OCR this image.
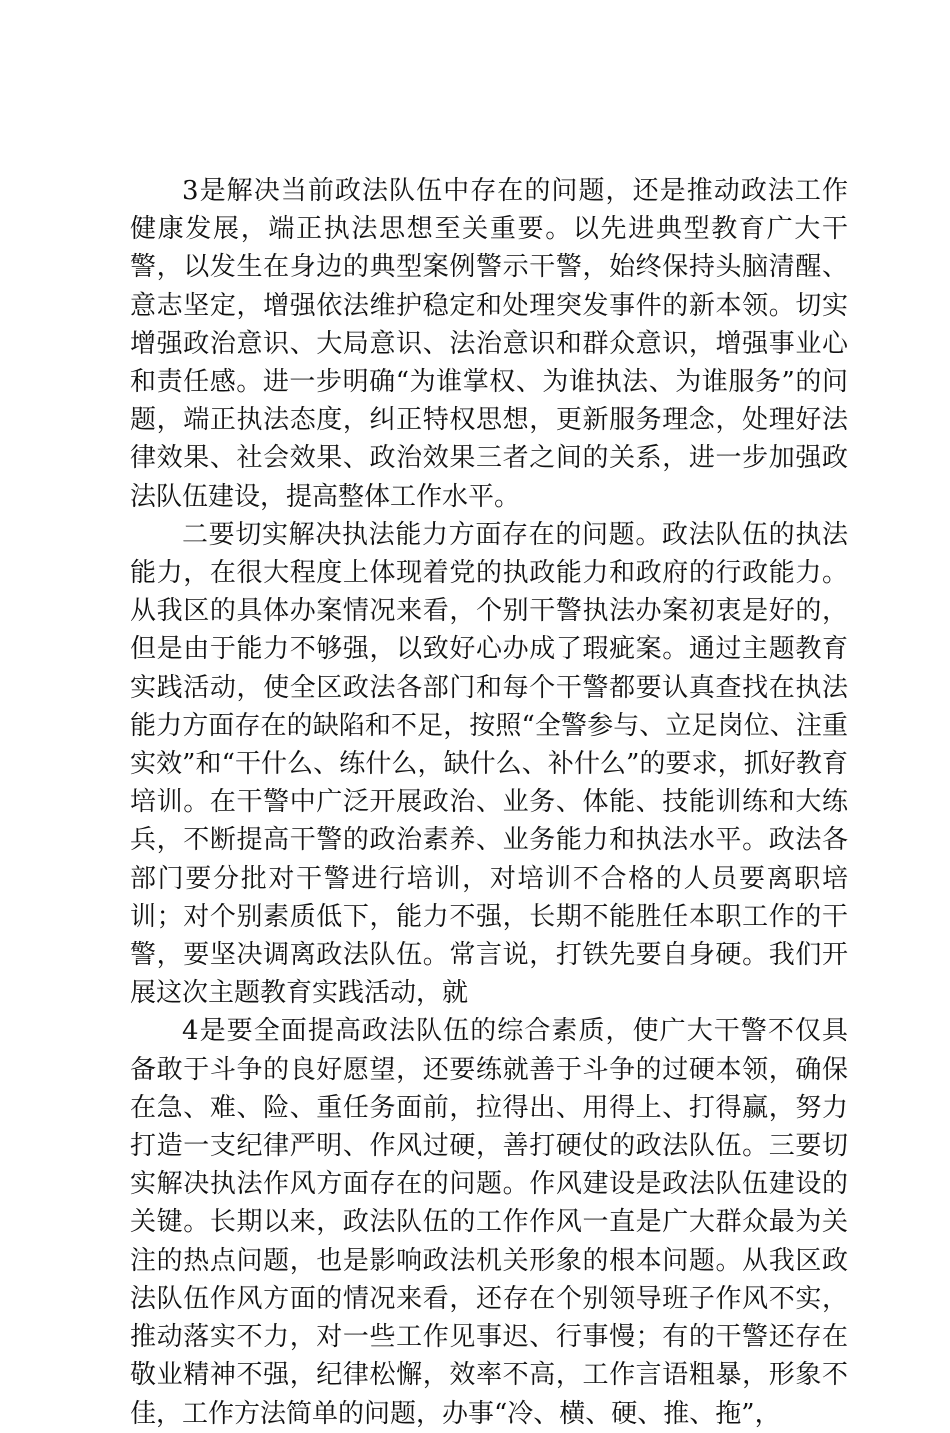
3是解决当前政法队伍中存在的问题，还是推动政法工作健康发展，端正执法思想至关重要。以先进典型教育广大干警，以发生在身边的典型案例警示干警，始终保持头脑清醒、意志坚定，增强依法维护稳定和处理突发事件的新本领。切实增强政治意识、大局意识、法治意识和群众意识，增强事业心和责任感。进一步明确“为谁掌权、为谁执法、为谁服务”的问题，端正执法态度，纠正特权思想，更新服务理念，处理好法律效果、社会效果、政治效果三者之间的关系，进一步加强政法队伍建设，提高整体工作水平。

二要切实解决执法能力方面存在的问题。政法队伍的执法能力，在很大程度上体现着党的执政能力和政府的行政能力。从我区的具体办案情况来看，个别干警执法办案初衷是好的，但是由于能力不够强，以致好心办成了瑕疵案。通过主题教育实践活动，使全区政法各部门和每个干警都要认真查找在执法能力方面存在的缺陷和不足，按照“全警参与、立足岗位、注重实效”和“干什么、练什么，缺什么、补什么”的要求，抓好教育培训。在干警中广泛开展政治、业务、体能、技能训练和大练兵，不断提高干警的政治素养、业务能力和执法水平。政法各部门要分批对干警进行培训，对培训不合格的人员要离职培训；对个别素质低下，能力不强，长期不能胜任本职工作的干警，要坚决调离政法队伍。常言说，打铁先要自身硬。我们开展这次主题教育实践活动，就

4是要全面提高政法队伍的综合素质，使广大干警不仅具备敢于斗争的良好愿望，还要练就善于斗争的过硬本领，确保在急、难、险、重任务面前，拉得出、用得上、打得赢，努力打造一支纪律严明、作风过硬，善打硬仗的政法队伍。三要切实解决执法作风方面存在的问题。作风建设是政法队伍建设的关键。长期以来，政法队伍的工作作风一直是广大群众最为关注的热点问题，也是影响政法机关形象的根本问题。从我区政法队伍作风方面的情况来看，还存在个别领导班子作风不实，推动落实不力，对一些工作见事迟、行事慢；有的干警还存在敬业精神不强，纪律松懈，效率不高，工作言语粗暴，形象不佳，工作方法简单的问题，办事“冷、横、硬、推、拖”，
